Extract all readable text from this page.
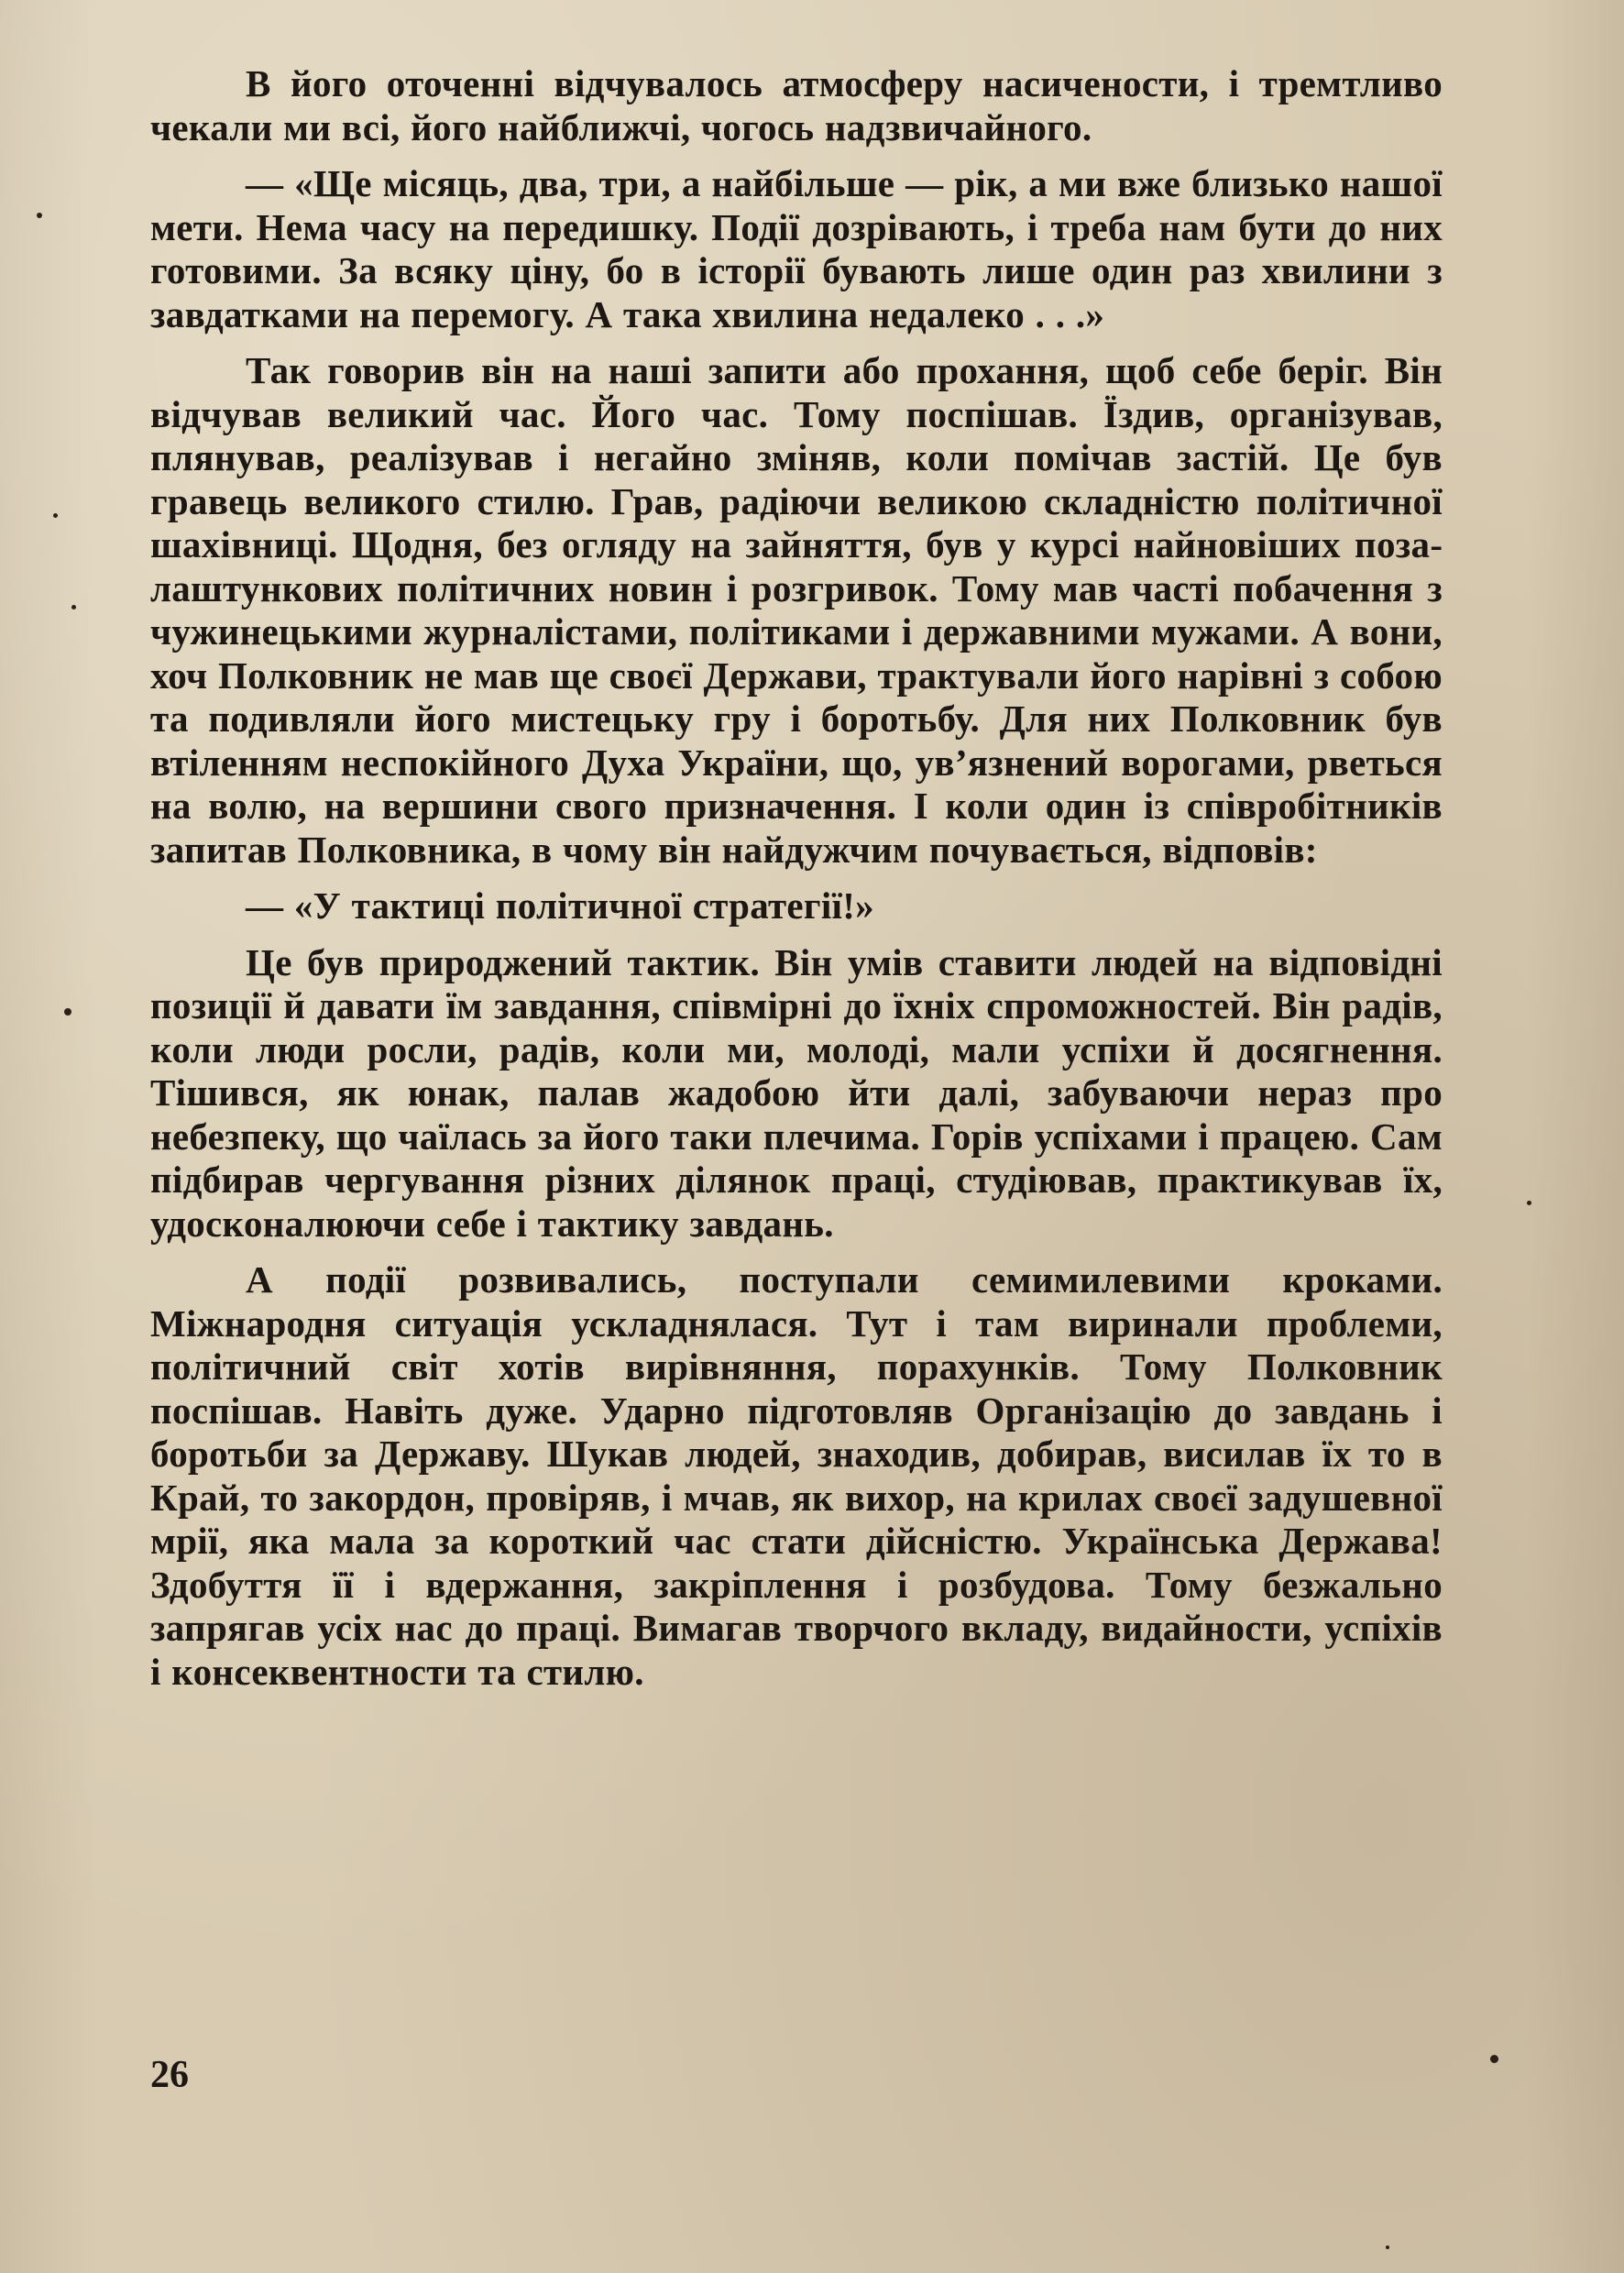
В його оточенні відчувалось атмосферу насичености, і тремтливо чекали ми всі, його найближчі, чогось надзвичайного.

— «Ще місяць, два, три, а найбільше — рік, а ми вже близько нашої мети. Нема часу на передишку. Події дозрівають, і треба нам бути до них готовими. За всяку ціну, бо в історії бувають лише один раз хвилини з завдатками на перемогу. А така хвилина недалеко . . .»

Так говорив він на наші запити або прохання, щоб себе беріг. Він відчував великий час. Його час. Тому поспішав. Їздив, організував, плянував, реалізував і негайно зміняв, коли помічав застій. Це був гравець великого стилю. Грав, радіючи великою складністю політичної шахівниці. Щодня, без огляду на зайняття, був у курсі найновіших позалаштункових політичних новин і розгривок. Тому мав часті побачення з чужинецькими журналістами, політиками і державними мужами. А вони, хоч Полковник не мав ще своєї Держави, трактували його нарівні з собою та подивляли його мистецьку гру і боротьбу. Для них Полковник був втіленням неспокійного Духа України, що, ув’язнений ворогами, рветься на волю, на вершини свого призначення. І коли один із співробітників запитав Полковника, в чому він найдужчим почувається, відповів:

— «У тактиці політичної стратегії!»

Це був природжений тактик. Він умів ставити людей на відповідні позиції й давати їм завдання, співмірні до їхніх спроможностей. Він радів, коли люди росли, радів, коли ми, молоді, мали успіхи й досягнення. Тішився, як юнак, палав жадобою йти далі, забуваючи нераз про небезпеку, що чаїлась за його таки плечима. Горів успіхами і працею. Сам підбирав чергування різних ділянок праці, студіював, практикував їх, удосконалюючи себе і тактику завдань.

А події розвивались, поступали семимилевими кроками. Міжнародня ситуація ускладнялася. Тут і там виринали проблеми, політичний світ хотів вирівняння, порахунків. Тому Полковник поспішав. Навіть дуже. Ударно підготовляв Організацію до завдань і боротьби за Державу. Шукав людей, знаходив, добирав, висилав їх то в Край, то закордон, провіряв, і мчав, як вихор, на крилах своєї задушевної мрії, яка мала за короткий час стати дійсністю. Українська Держава! Здобуття її і вдержання, закріплення і розбудова. Тому безжально запрягав усіх нас до праці. Вимагав творчого вкладу, видайности, успіхів і консеквентности та стилю.

26
